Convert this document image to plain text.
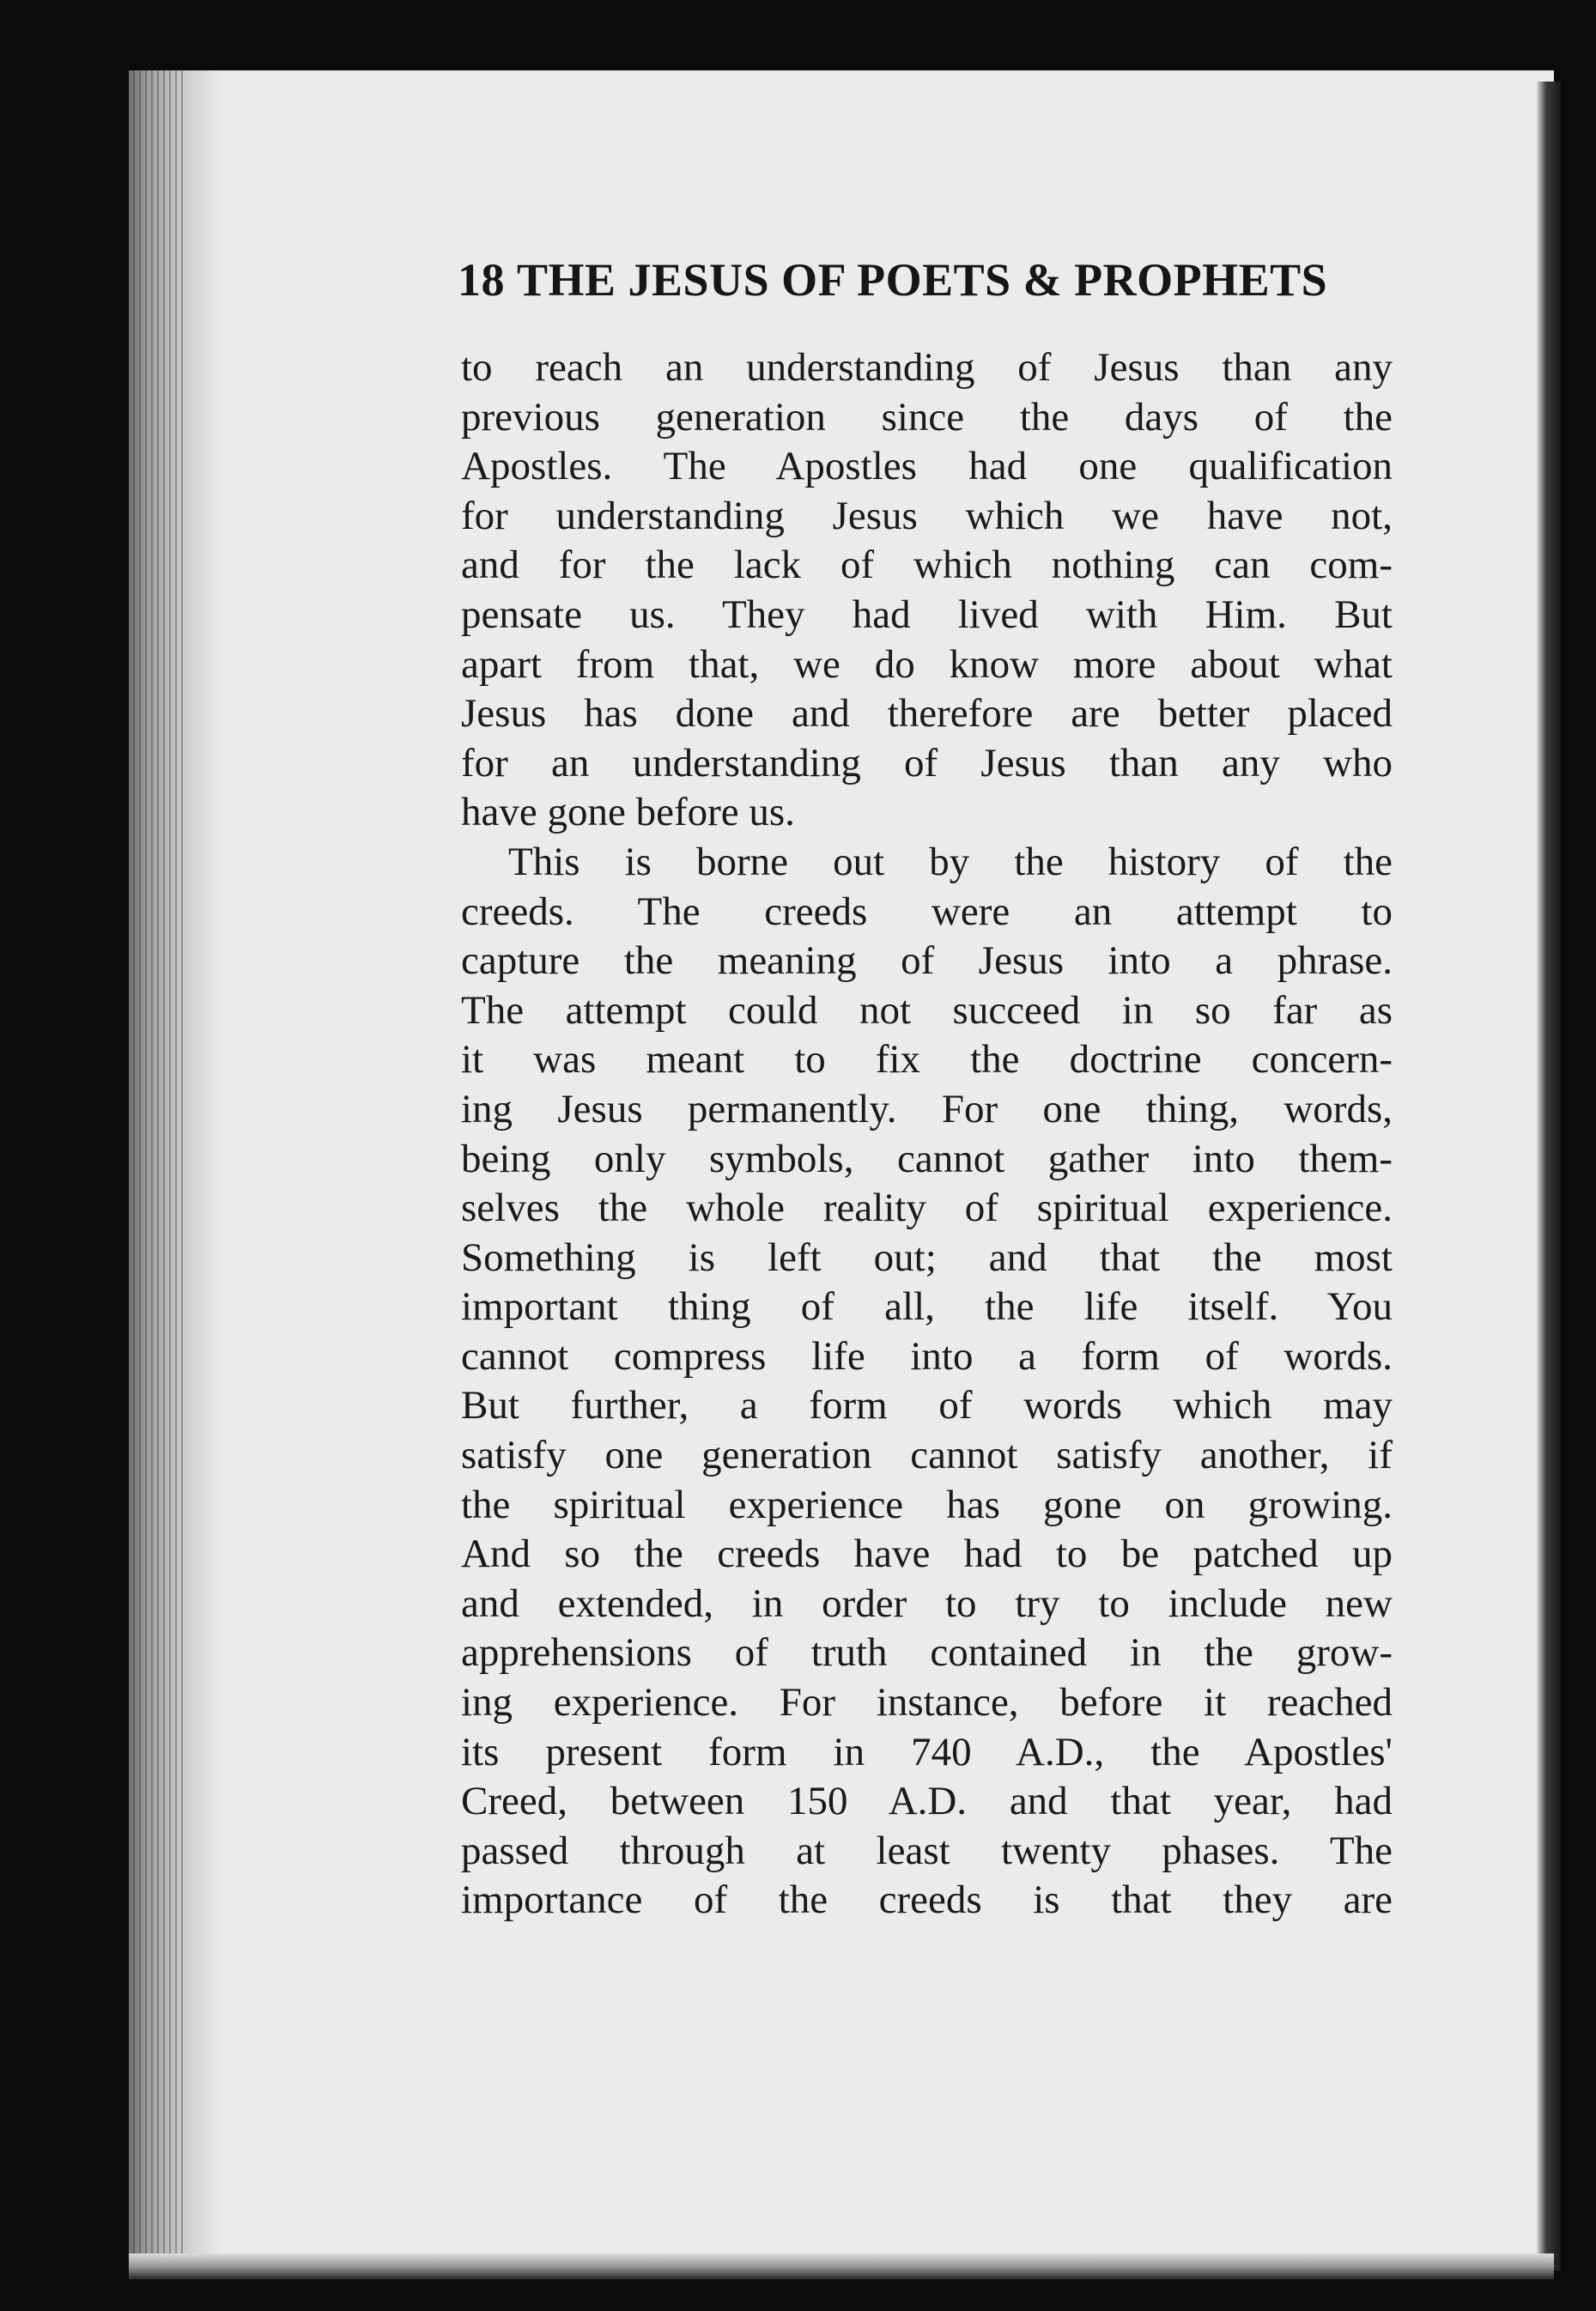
18 THE JESUS OF POETS & PROPHETS
to reach an understanding of Jesus than any
previous generation since the days of the
Apostles. The Apostles had one qualification
for understanding Jesus which we have not,
and for the lack of which nothing can com-
pensate us. They had lived with Him. But
apart from that, we do know more about what
Jesus has done and therefore are better placed
for an understanding of Jesus than any who
have gone before us.
This is borne out by the history of the
creeds. The creeds were an attempt to
capture the meaning of Jesus into a phrase.
The attempt could not succeed in so far as
it was meant to fix the doctrine concern-
ing Jesus permanently. For one thing, words,
being only symbols, cannot gather into them-
selves the whole reality of spiritual experience.
Something is left out; and that the most
important thing of all, the life itself. You
cannot compress life into a form of words.
But further, a form of words which may
satisfy one generation cannot satisfy another, if
the spiritual experience has gone on growing.
And so the creeds have had to be patched up
and extended, in order to try to include new
apprehensions of truth contained in the grow-
ing experience. For instance, before it reached
its present form in 740 A.D., the Apostles'
Creed, between 150 A.D. and that year, had
passed through at least twenty phases. The
importance of the creeds is that they are
